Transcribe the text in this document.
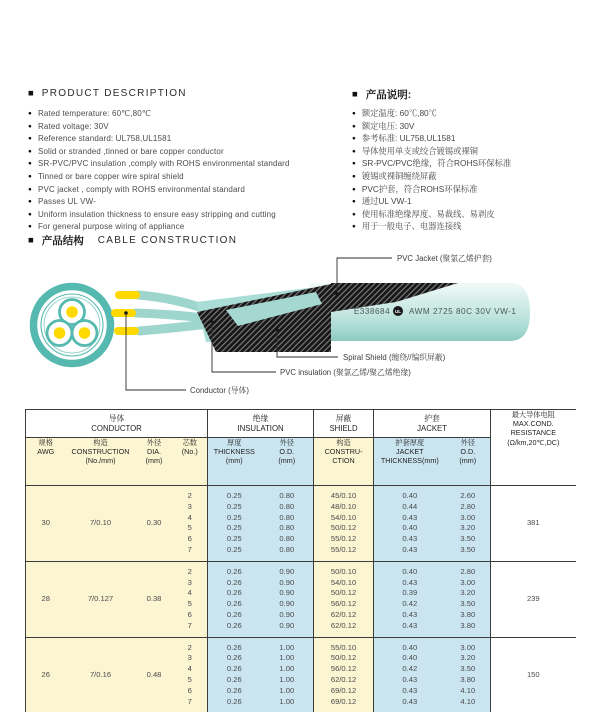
■ PRODUCT DESCRIPTION	■ 产品说明:
● Rated temperature: 60℃,80℃
● Rated voltage: 30V
● Reference standard: UL758,UL1581
● Solid or stranded ,tinned or bare copper conductor
● SR-PVC/PVC insulation ,comply with ROHS environmental standard
● Tinned or bare copper wire spiral shield
● PVC jacket , comply with ROHS environmental standard
● Passes UL VW-
● Uniform insulation thickness to ensure easy stripping and cutting
● For general purpose wiring of appliance
● 额定温度: 60℃,80℃
● 额定电压: 30V
● 参考标准: UL758,UL1581
● 导体使用单支或绞合镀锡或裸铜
● SR-PVC/PVC绝缘，符合ROHS环保标准
● 镀锡或裸铜缠绕屏蔽
● PVC护套，符合ROHS环保标准
● 通过UL VW-1
● 使用标准绝缘厚度、易裁线、易剥皮
● 用于一般电子、电器连接线
■ 产品结构 CABLE CONSTRUCTION
E338684 UL AWM 2725 80C 30V VW-1
PVC Jacket (聚氯乙烯护套)
Spiral Shield (缠绕//编织屏蔽)
PVC insulation (聚氯乙烯/聚乙烯绝缘)
Conductor (导体)
导体
CONDUCTOR

绝缘
INSULATION

屏蔽
SHIELD

护套
JACKET

最大导体电阻
MAX.COND.
RESISTANCE
(Ω/km,20℃,DC)

规格
AWG

构造
CONSTRUCTION
(No./mm)

外径
DIA.
(mm)

芯数
(No.)

厚度
THICKNESS
(mm)

外径
O.D.
(mm)

构造
CONSTRU-
CTION

护套厚度
JACKET
THICKNESS(mm)

外径
O.D.
(mm)

30	7/0.10	0.30	2	0.25	0.80	45/0.10	0.40	2.60	381
			3	0.25	0.80	48/0.10	0.44	2.80	
			4	0.25	0.80	54/0.10	0.43	3.00	
			5	0.25	0.80	50/0.12	0.40	3.20	
			6	0.25	0.80	55/0.12	0.43	3.50	
			7	0.25	0.80	55/0.12	0.43	3.50	
28	7/0.127	0.38	2	0.26	0.90	50/0.10	0.40	2.80	239
			3	0.26	0.90	54/0.10	0.43	3.00	
			4	0.26	0.90	50/0.12	0.39	3.20	
			5	0.26	0.90	56/0.12	0.42	3.50	
			6	0.26	0.90	62/0.12	0.43	3.80	
			7	0.26	0.90	62/0.12	0.43	3.80	
26	7/0.16	0.48	2	0.26	1.00	55/0.10	0.40	3.00	150
			3	0.26	1.00	50/0.12	0.40	3.20	
			4	0.26	1.00	56/0.12	0.42	3.50	
			5	0.26	1.00	62/0.12	0.43	3.80	
			6	0.26	1.00	69/0.12	0.43	4.10	
			7	0.26	1.00	69/0.12	0.43	4.10	
